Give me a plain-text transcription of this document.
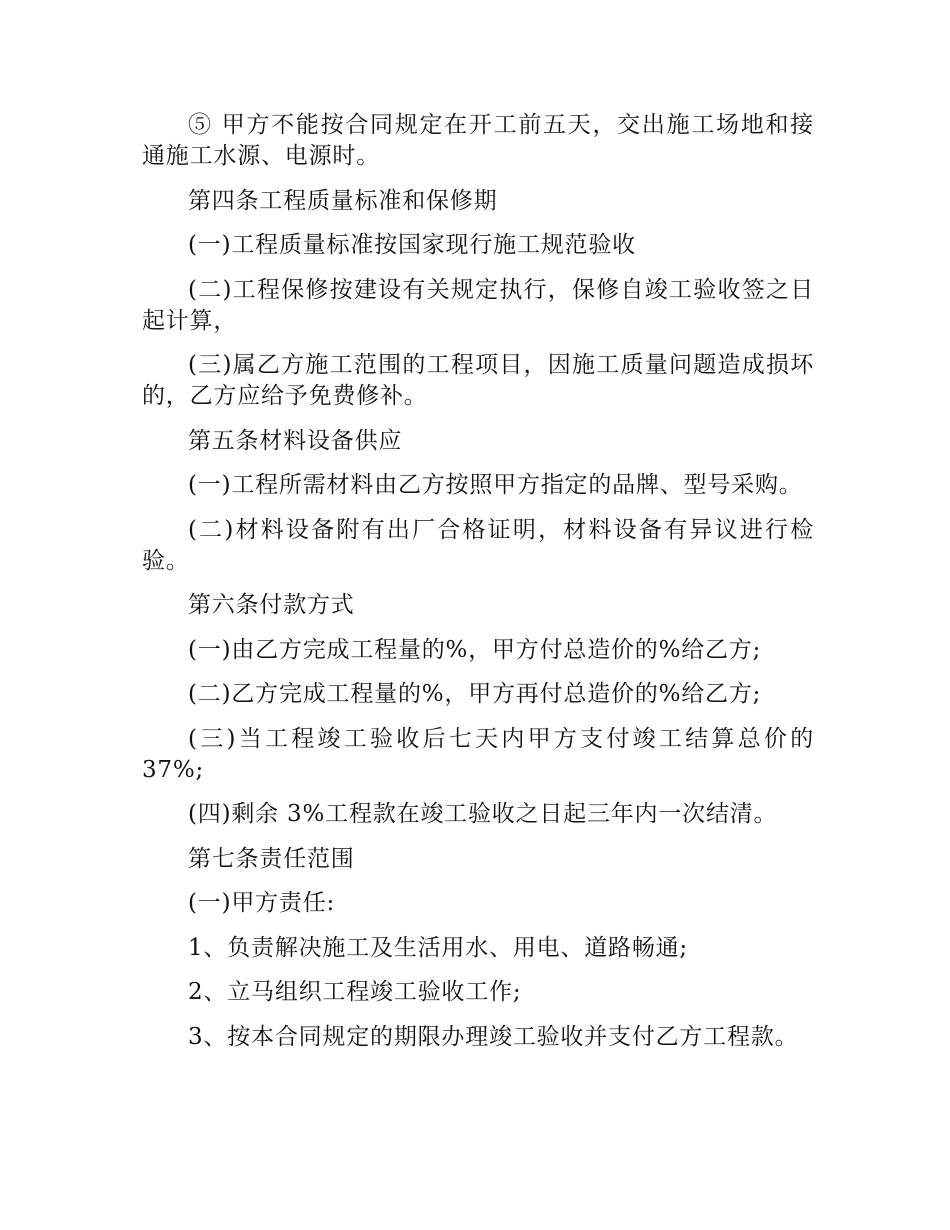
⑤ 甲方不能按合同规定在开工前五天，交出施工场地和接通施工水源、电源时。

第四条工程质量标准和保修期

(一)工程质量标准按国家现行施工规范验收

(二)工程保修按建设有关规定执行，保修自竣工验收签之日起计算，

(三)属乙方施工范围的工程项目，因施工质量问题造成损坏的，乙方应给予免费修补。

第五条材料设备供应

(一)工程所需材料由乙方按照甲方指定的品牌、型号采购。

(二)材料设备附有出厂合格证明，材料设备有异议进行检验。

第六条付款方式

(一)由乙方完成工程量的%，甲方付总造价的%给乙方;

(二)乙方完成工程量的%，甲方再付总造价的%给乙方;

(三)当工程竣工验收后七天内甲方支付竣工结算总价的37%;

(四)剩余 3%工程款在竣工验收之日起三年内一次结清。

第七条责任范围

(一)甲方责任:

1、负责解决施工及生活用水、用电、道路畅通;

2、立马组织工程竣工验收工作;

3、按本合同规定的期限办理竣工验收并支付乙方工程款。
